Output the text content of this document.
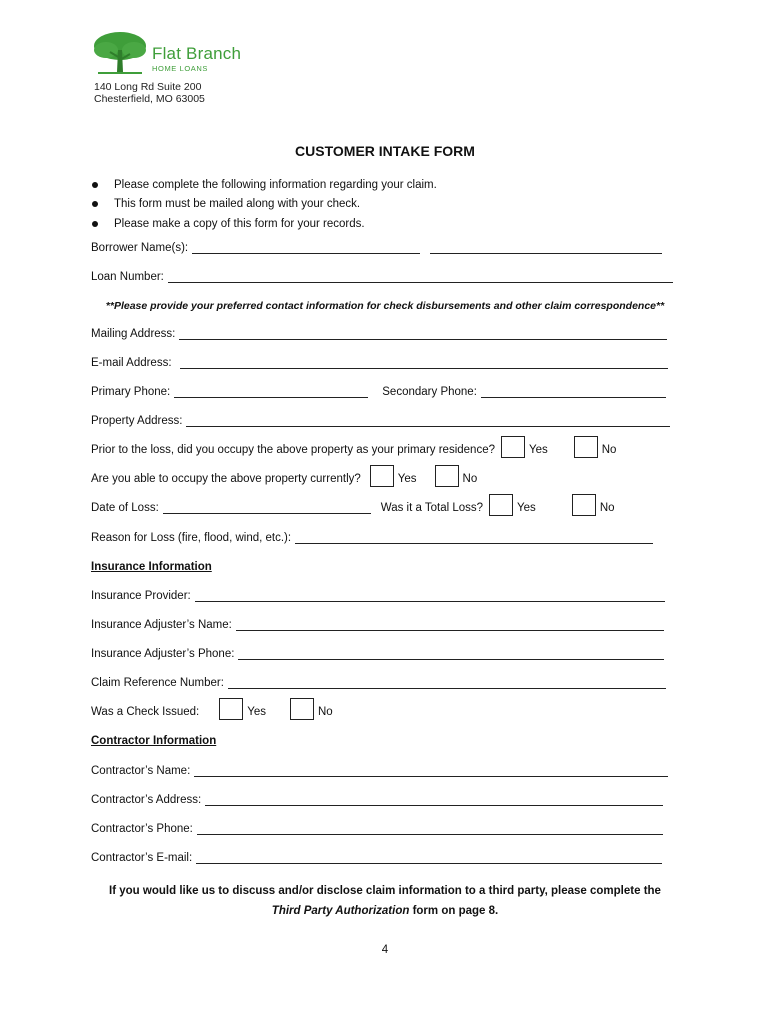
Flat Branch
HOME LOANS
140 Long Rd Suite 200
Chesterfield, MO 63005
CUSTOMER INTAKE FORM
Please complete the following information regarding your claim.
This form must be mailed along with your check.
Please make a copy of this form for your records.
Borrower Name(s):
Loan Number:
**Please provide your preferred contact information for check disbursements and other claim correspondence**
Mailing Address:
E-mail Address:
Primary Phone:	Secondary Phone:
Property Address:
Prior to the loss, did you occupy the above property as your primary residence?	Yes	No
Are you able to occupy the above property currently?	Yes	No
Date of Loss:	Was it a Total Loss?	Yes	No
Reason for Loss (fire, flood, wind, etc.):
Insurance Information
Insurance Provider:
Insurance Adjuster’s Name:
Insurance Adjuster’s Phone:
Claim Reference Number:
Was a Check Issued:	Yes	No
Contractor Information
Contractor’s Name:
Contractor’s Address:
Contractor’s Phone:
Contractor’s E-mail:
If you would like us to discuss and/or disclose claim information to a third party, please complete the
Third Party Authorization form on page 8.
4
